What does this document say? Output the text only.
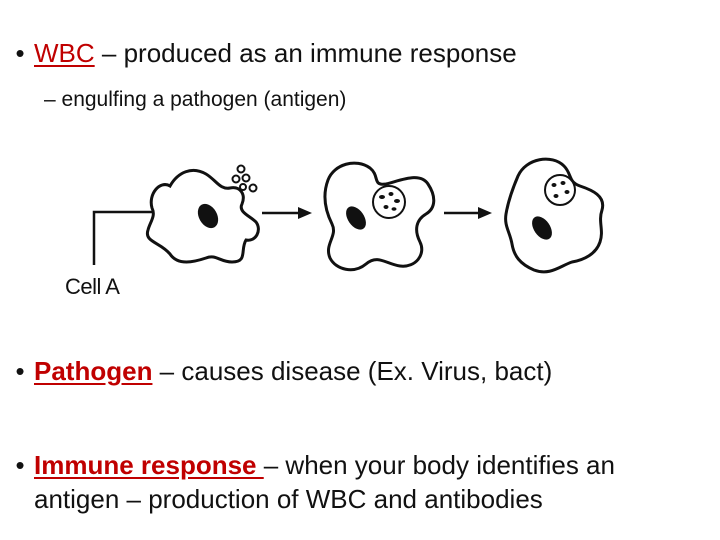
• WBC – produced as an immune response
– engulfing a pathogen (antigen)
Cell A
• Pathogen – causes disease (Ex. Virus, bact)
• Immune response – when your body identifies an antigen – production of WBC and antibodies
